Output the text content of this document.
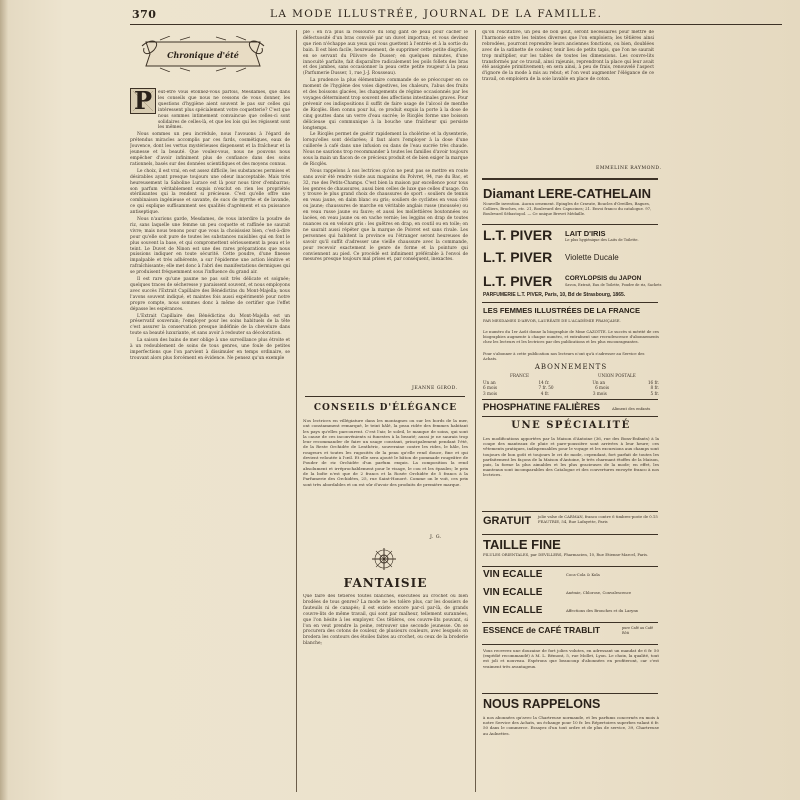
370	LA MODE ILLUSTRÉE, JOURNAL DE LA FAMILLE.
Chronique d'été
P	eut-être vous étonnez-vous parfois, Mesdames, que dans les conseils que nous ne cessons de vous donner, les questions d'hygiène aient souvent le pas sur celles qui intéressent plus spécialement votre coquetterie? C'est que nous sommes intimement convaincue que celles-ci sont solidaires de celles-là, et que les lois qui les régissent sont les mêmes.

Nous sommes un peu incrédule, nous l'avouons à l'égard de prétendus miracles accomplis par ces fards, cosmétiques, eaux de Jouvence, dont les vertus mystérieuses dispensent et la fraîcheur et la jeunesse et la beauté. Que voulez-vous, nous ne pouvons nous empêcher d'avoir infiniment plus de confiance dans des soins rationnels, basés sur des données scientifiques et des moyens connus.

Le choix, il est vrai, en est assez difficile, les substances permises et désirables ayant presque toujours une odeur inacceptable. Mais très heureusement la Saboline Lurace est là pour nous tirer d'embarras; son parfum véritablement exquis n'exclut en rien les propriétés stérilisantes qui la rendent si précieuse. C'est qu'elle offre une combinaison ingénieuse et savante, de sucs de myrrhe et de lavande, ce qui explique suffisamment ses qualités d'agrément et sa puissance antiseptique.

Nous n'aurions garde, Mesdames, de vous interdire la poudre de riz, sans laquelle une femme un peu coquette et raffinée ne saurait vivre; mais nous tenons pour que vous la choisissiez bien, c'est-à-dire pour qu'elle soit pure de toutes les substances nuisibles qui en font le plus souvent la base, et qui compromettent sérieusement la peau et le teint. Le Duvet de Ninon est une des rares préparations que nous puissions indiquer en toute sécurité. Cette poudre, d'une finesse impalpable et très adhérente, a sur l'épiderme une action lénitive et rafraîchissante; elle met donc à l'abri des manifestations dermiques qui se produisent fréquemment sous l'influence du grand air.

Il est rare qu'une paume ne pas soit très délicate et soignée; quelques traces de sécheresse y paraissent souvent, et nous employons avec succès l'Extrait Capillaire des Bénédictins du Mont-Majella; nous l'avons souvent indiqué, et maintes fois aussi expérimenté pour notre propre compte, nous sommes donc à même de certifier que l'effet dépasse les espérances.

L'Extrait Capillaire des Bénédictins du Mont-Majella est un préservatif souverain; l'employer pour les soins habituels de la tête c'est assurer la conservation presque indéfinie de la chevelure dans toute sa beauté luxuriante, et sans avoir à redouter sa décoloration.

La saison des bains de mer oblige à une surveillance plus étroite et à un redoublement de soins de tous genres, une foule de petites imperfections que l'on parvient à dissimuler en temps ordinaire, se trouvant alors plus forcément en évidence. Ne pensez qu'un exemple

ple : en n'a plus la ressource du long gant de peau pour cacher le défectuosité d'un bras convolé par un duvet importun; et vous devinez que rien n'échappe aux yeux qui vous guettent à l'entrée et à la sortie du bain. Il est bien facile, heureusement, de supprimer cette petite disgrâce, en se servant du Pilivore de Dusser; en quelques minutes, d'une innocuité parfaite, fait disparaître radicalement les poils follets des bras et des jambes, sans occasionner la peau cette petite rougeur à la peau (Parfumerie Dusser, 1, rue J.-J. Rousseau).

La prudence la plus élémentaire commande de se préoccuper en ce moment de l'hygiène des voies digestives, les chaleurs, l'abus des fruits et des boissons glacées, les changements de régime occasionnés par les voyages déterminent trop souvent des affections intestinales graves. Pour prévenir ces indispositions il suffit de faire usage de l'alcool de menthe de Ricqlès. Bien connu pour lui, ce produit exquis la porte à la dose de cinq gouttes dans un verre d'eau sucrée; le Ricqlès forme une boisson délicieuse qui communique à la bouche une fraîcheur qui persiste longtemps.

Le Ricqlès permet de guérir rapidement la cholérine et la dysenterie, lorsqu'elles sont déclarées; il faut alors l'employer à la dose d'une cuillerée à café dans une infusion ou dans de l'eau sucrée très chaude. Nous ne saurions trop recommander à toutes les familles d'avoir toujours sous la main un flacon de ce précieux produit et de bien exiger la marque de Ricqlès.

Nous rappelons à nos lectrices qu'on ne peut pas se mettre en route sans avoir été rendre visite aux magasins du Polvret, 94, rue du Bac, et 32, rue des Petits-Champs. C'est bien la maison par excellence pour tous les genres de chaussures, aussi bien celles de luxe que celles d'usage. On y trouve le plus grand choix de chaussures de sport : souliers de tennis en veau jaune, en daim blanc ou gris; souliers de cyclistes en veau ciré ou jaune; chaussures de marche en véritable anglais russe (moussée) ou en veau russe jaune ou fauve; et aussi les mollettières boutonnées ou lacées, en veau jaune ou en vache vernie; les leggins en drap de toutes nuances ou en velours gris : les guêtres en drap, en coutil ou en toile; on ne saurait aussi répéter que la marque de Poivret est sans rivale. Les personnes qui habitent la province ou l'étranger seront heureuses de savoir qu'il suffit d'adresser une vieille chaussure avec la commande, pour recevoir exactement le genre de forme et la pointure qui conviennent au pied. Ce procédé est infiniment préférable à l'envoi de mesures presque toujours mal prises et, par conséquent, inexactes.

JEANNE GIROD.
CONSEILS D'ÉLÉGANCE
Nos lectrices en villégiature dans les montagnes ou sur les bords de la mer, ont constamment remarqué, le teint hâlé, la peau ridée des femmes habitant les pays qu'elles parcourent. C'est l'air, le soleil, le manque de soins, qui sont la cause de ces inconvénients si funestes à la beauté; aussi je ne saurais trop leur recommander de faire un usage constant, principalement pendant l'été, de la Reste Orchidée de Lenthéric, souveraine contre les rides, le hâle, les rougeurs et toutes les rugosités de la peau qu'elle rend douce, fine et qui devient veloutée à l'œil. Et elle sera ajouté le bâton de pommade rougeâtre de Pouder de riz Orchidée d'un parfum exquis. La composition la rend absolument et irréprochablement pour le visage, le cou et les épaules; le prix de la boîte n'est que de 2 francs et la Rosée Orchidée de 5 francs à la Parfumerie des Orchidées, 25, rue Saint-Honoré. Comme on le voit, ces prix sont très abordables et on est sûr d'avoir des produits de première marque.
J. G.
FANTAISIE
Que faire des têtières toutes blanches, exécutées au crochet ou bien brodées de tous genres? La mode ne les tolère plus, car les dossiers de fauteuils ni de canapés; il est existe encore par-ci par-là, de grands couvre-lits de même travail, qui sont par malheur, tellement surannées, que l'on hésite à les employer. Ces têtières, ces couvre-lits pouvant, si l'on en veut prendre la peine, retrouver une seconde jeunesse. On se procurera des cotons de couleur, de plusieurs couleurs, avec lesquels on brodera les contours des étoiles faites au crochet, ou ceux de la broderie blanche;
qu'on l'excitative, un peu de bon goût, seront nécessaires pour mettre de l'harmonie entre les teintes diverses que l'on emploiera; les têtières ainsi rebrodées, pourront reprendre leurs anciennes fonctions, ou bien, doublées avec de la satinette de couleur, tenir lieu de petits tapis, que l'on ne saurait trop multiplier, sur les tables de toutes les dimensions. Les couvre-lits transformés par ce travail, ainsi rajeunis, reprendront la place qui leur avait été assignée primitivement; en sera ainsi, à peu de frais, renouvelé l'aspect d'ignore de la mode à mis au rebut; et l'on veut augmenter l'élégance de ce travail, on emploiera de la soie lavable en place de coton.
EMMELINE RAYMOND.
Diamant LERE-CATHELAIN
Nouvelle invention. Aucun ornement. Epingles de Cravate, Boucles d'Oreilles, Bagues, Colliers, Broches, etc. 21, Boulevard des Capucines; 21. Envoi franco du catalogue. 97, Boulevard Sébastopol. — Ce unique Brevet Médaille.
L.T. PIVER LAIT D'IRIS
Le plus hygiénique des Laits de Toilette.
L.T. PIVER Violette Ducale
L.T. PIVER CORYLOPSIS du JAPON
Savon, Extrait, Eau de Toilette, Poudre de riz, Sachets
PARFUMERIE L.T. PIVER, Paris, 10, Bd de Strasbourg, 1865.
LES FEMMES ILLUSTRÉES DE LA FRANCE
PAR MESDAMES D'ARVOR, LAURÉATE DE L'ACADÉMIE FRANÇAISE.
Le numéro du 1er Août donne la biographie de Mme CAZOTTE. Le succès si mérité de ces biographies augmente à chaque numéro, et entraînent une recrudescence d'abonnements chez les lecteurs et les lectrices par des publications et les plus encourageantes.
Pour s'abonner à cette publication nos lecteurs n'ont qu'à s'adresser au Service des Achats.
ABONNEMENTS
FRANCE	UNION POSTALE
Un an	14 fr.	Un an	16 fr.
6 mois	7 fr. 50	6 mois	8 fr.
3 mois	4 fr.	3 mois	5 fr.
PHOSPHATINE FALIÈRES	Aliment des enfants
UNE SPÉCIALITÉ
Les modifications apportées par la Maison d'Antoine (36, rue des Bons-Enfants) à la coupe des manteaux de pluie et pare-poussière sont arrivées à leur heure; ces vêtements pratiques, indispensables pour le voyage et les excursions aux champs sont toujours de bon goût et toujours le cri de mode, cependant, fort parfait de toutes les parfaitement les façons de la Maison d'Antoine, le très charmant étoffes de la Maison, puis, la forme la plus aimables et les plus gracieuses de la mode; en effet, les manteaux sont incomparables des Catalogue et des couvertures envoyée franco à nos lectrices.
GRATUIT jolie valse de CARMAN, franco contre 6 timbres-poste de 0.15 FEAUTRIE, 54, Rue Lafayette, Paris
TAILLE FINE
PILULES ORIENTALES, par DEVILLERS, Pharmacien, 10, Rue Etienne-Marcel, Paris.
VIN ECALLE	Coca-Cola & Kola
VIN ECALLE	Anémie, Chlorose, Convalescence
VIN ECALLE	Affections des Bronches et du Larynx
ESSENCE de CAFÉ TRABLIT	pure Café au Café Rôti
Vous recevrez une douzaine de fort jolies volutes, en adressant un mandat de 6 fr. 50 (expédié recommandé) à M. L. Bémont, 5, rue Mollet, Lyon. Le choix, la qualité, tout est joli et nouveau. Espérons que beaucoup d'abonnées en profiteront, car c'est vraiment très avantageux.
NOUS RAPPELONS
à nos abonnées qu'avec la Chartreuse normande, et les parfums concernés en mois à notre Service des Achats, un échange pour 10 fr. les Répertoires superbes valant 6 fr. 50 dans le commerce. Essayez d'un tout ordre et de plus de service, 39, Chartreuse au Aulnettes.
